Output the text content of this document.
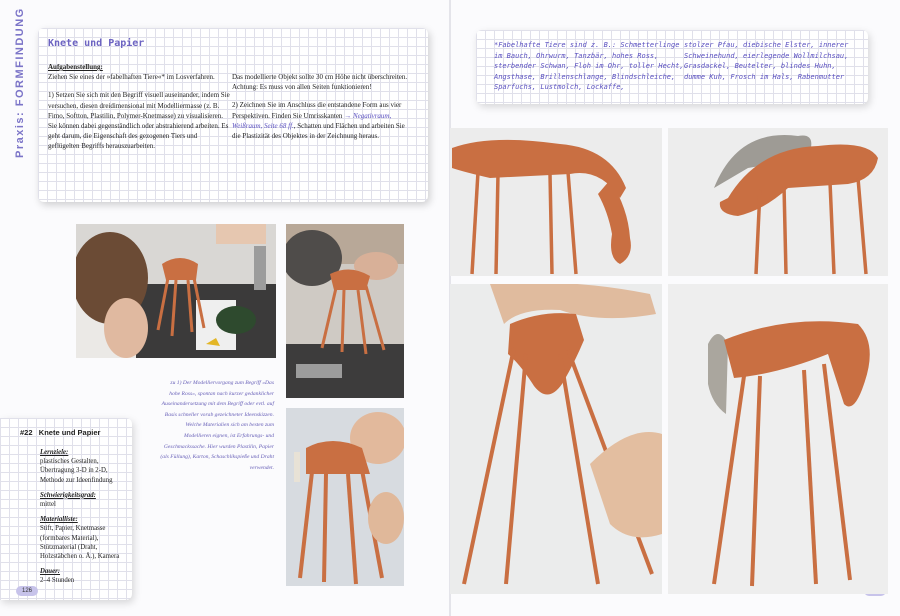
Praxis: FORMFINDUNG Knete und Papier

Aufgabenstellung:

Ziehen Sie eines der »fabelhaften Tiere«* im Losverfahren.

1) Setzen Sie sich mit den Begriff visuell auseinander, indem Sie versuchen, diesen dreidimensional mit Modelliermasse (z. B. Fimo, Softton, Plastilin, Polymer-Knetmasse) zu visualisieren. Sie können dabei gegenständlich oder abstrahierend arbeiten. Es geht darum, die Eigenschaft des gezogenen Tiers und geflügelten Begriffs herauszuarbeiten.

Das modellierte Objekt sollte 30 cm Höhe nicht überschreiten. Achtung: Es muss von allen Seiten funktionieren!

2) Zeichnen Sie im Anschluss die entstandene Form aus vier Perspektiven. Finden Sie Umrisskanten → Negativraum, Weißraum, Seite 68 ff., Schatten und Flächen und arbeiten Sie die Plastizität des Objektes in der Zeichnung heraus.

zu 1) Der Modelliervorgang zum Begriff »Das hohe Ross«, spontan nach kurzer gedanklicher Auseinandersetzung mit dem Begriff oder evtl. auf Basis schneller vorab gezeichneter Ideenskizzen. Welche Materialien sich am besten zum Modellieren eignen, ist Erfahrungs- und Geschmackssache. Hier wurden Plastilin, Papier (als Füllung), Karton, Schaschlikspieße und Draht verwendet.
#22 Knete und Papier
Lernziele:
plastisches Gestalten, Übertragung 3-D in 2-D, Methode zur Ideenfindung
Schwierigkeitsgrad:
mittel
Materialliste:
Stift, Papier, Knetmasse (formbares Material), Stützmaterial (Draht, Holzstäbchen o. Ä.), Kamera
Dauer:
2–4 Stunden
126
*Fabelhafte Tiere sind z. B.: Schmetterlinge im Bauch, Ohrwurm, Tanzbär, hohes Ross, sterbender Schwan, Floh im Ohr, toller Hecht, Angsthase, Brillenschlange, Blindschleiche, Sparfuchs, Lustmolch, Lockaffe,
stolzer Pfau, diebische Elster, innerer Schweinehund, eierlegende Wollmilchsau, Grasdackel, Beutelter, blindes Huhn, dumme Kuh, Frosch im Hals, Rabenmutter
